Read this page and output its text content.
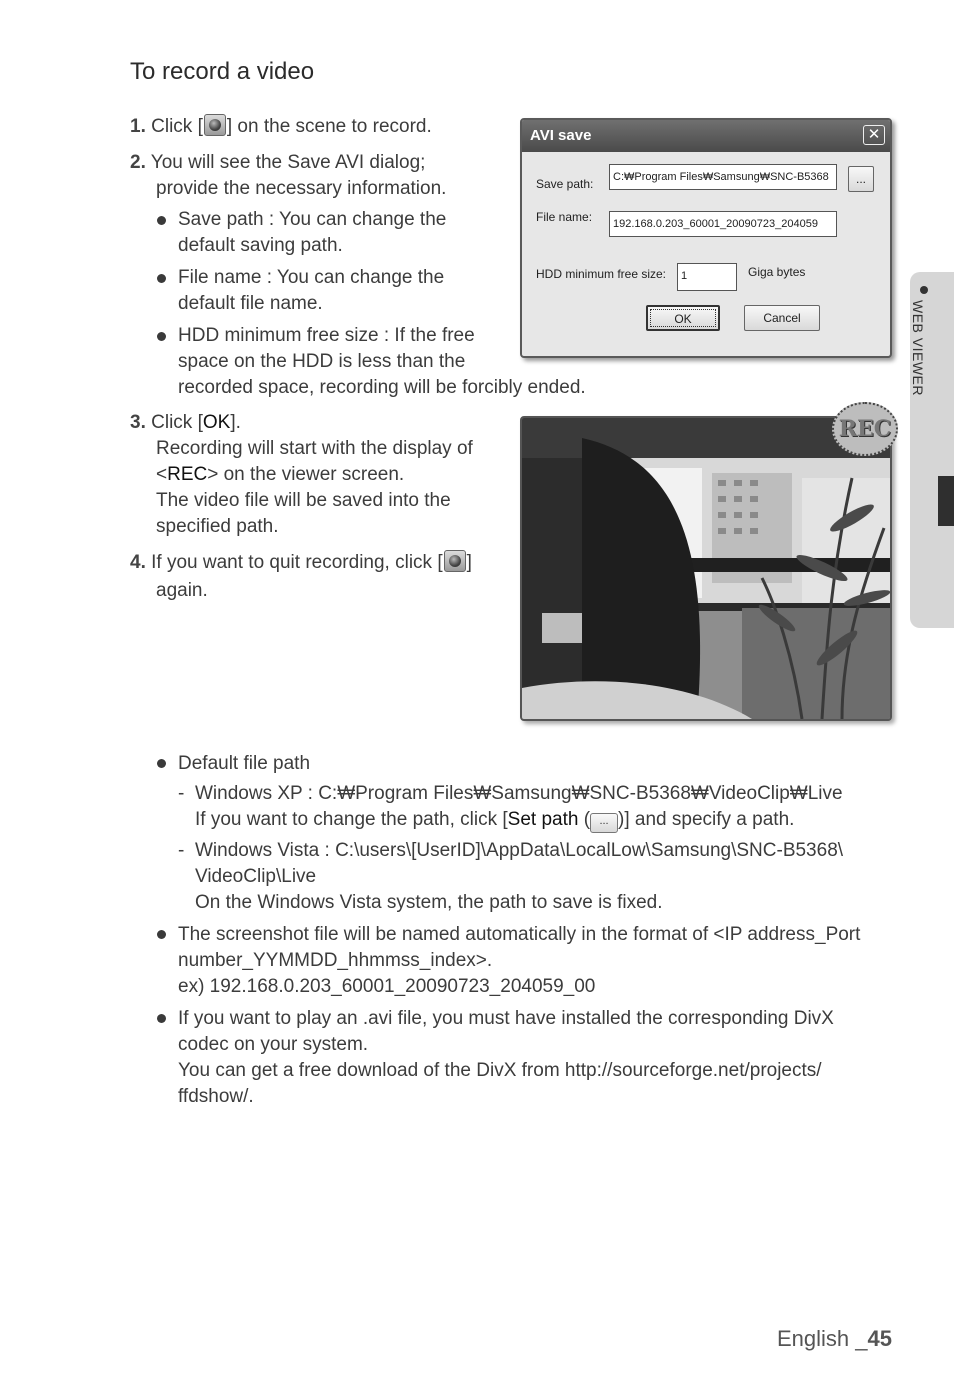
To record a video
1. Click [ ] on the scene to record.
2. You will see the Save AVI dialog;
provide the necessary information.
Save path : You can change the
default saving path.
File name : You can change the
default file name.
HDD minimum free size : If the free
space on the HDD is less than the
recorded space, recording will be forcibly ended.
3. Click [OK].
Recording will start with the display of
<REC> on the viewer screen.
The video file will be saved into the
specified path.
4. If you want to quit recording, click [ ]
again.
AVI save	✕
Save path:	C:₩Program Files₩Samsung₩SNC-B5368	...
File name:	192.168.0.203_60001_20090723_204059
HDD minimum free size:	1	Giga bytes
OK	Cancel
REC
Default file path
- Windows XP : C:₩Program Files₩Samsung₩SNC-B5368₩VideoClip₩Live
If you want to change the path, click [Set path ( ... )] and specify a path.
- Windows Vista : C:\users\[UserID]\AppData\LocalLow\Samsung\SNC-B5368\
VideoClip\Live
On the Windows Vista system, the path to save is fixed.
The screenshot file will be named automatically in the format of <IP address_Port
number_YYMMDD_hhmmss_index>.
ex) 192.168.0.203_60001_20090723_204059_00
If you want to play an .avi file, you must have installed the corresponding DivX
codec on your system.
You can get a free download of the DivX from http://sourceforge.net/projects/
ffdshow/.
WEB VIEWER
English _45
